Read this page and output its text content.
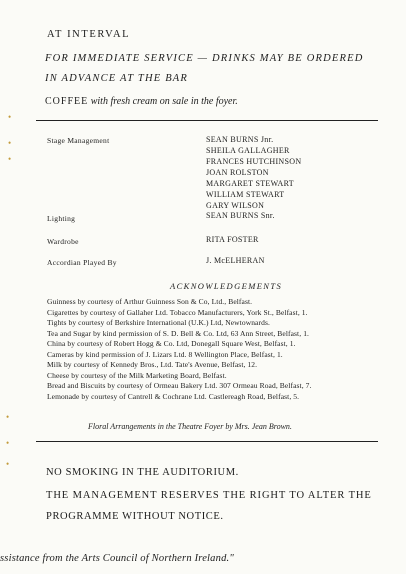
AT INTERVAL
FOR IMMEDIATE SERVICE — DRINKS MAY BE ORDERED
IN ADVANCE AT THE BAR
COFFEE with fresh cream on sale in the foyer.
•
•
•
•
•
•
Stage Management	SEAN BURNS Jnr.
SHEILA GALLAGHER
FRANCES HUTCHINSON
JOAN ROLSTON
MARGARET STEWART
WILLIAM STEWART
GARY WILSON
Lighting	SEAN BURNS Snr.
Wardrobe	RITA FOSTER
Accordian Played By	J. McELHERAN
ACKNOWLEDGEMENTS
Guinness by courtesy of Arthur Guinness Son & Co, Ltd., Belfast.
Cigarettes by courtesy of Gallaher Ltd. Tobacco Manufacturers, York St., Belfast, 1.
Tights by courtesy of Berkshire International (U.K.) Ltd, Newtownards.
Tea and Sugar by kind permission of S. D. Bell & Co. Ltd, 63 Ann Street, Belfast, 1.
China by courtesy of Robert Hogg & Co. Ltd, Donegall Square West, Belfast, 1.
Cameras by kind permission of J. Lizars Ltd. 8 Wellington Place, Belfast, 1.
Milk by courtesy of Kennedy Bros., Ltd. Tate's Avenue, Belfast, 12.
Cheese by courtesy of the Milk Marketing Board, Belfast.
Bread and Biscuits by courtesy of Ormeau Bakery Ltd. 307 Ormeau Road, Belfast, 7.
Lemonade by courtesy of Cantrell & Cochrane Ltd. Castlereagh Road, Belfast, 5.
Floral Arrangements in the Theatre Foyer by Mrs. Jean Brown.
NO SMOKING IN THE AUDITORIUM.
THE MANAGEMENT RESERVES THE RIGHT TO ALTER THE
PROGRAMME WITHOUT NOTICE.
ssistance from the Arts Council of Northern Ireland."
